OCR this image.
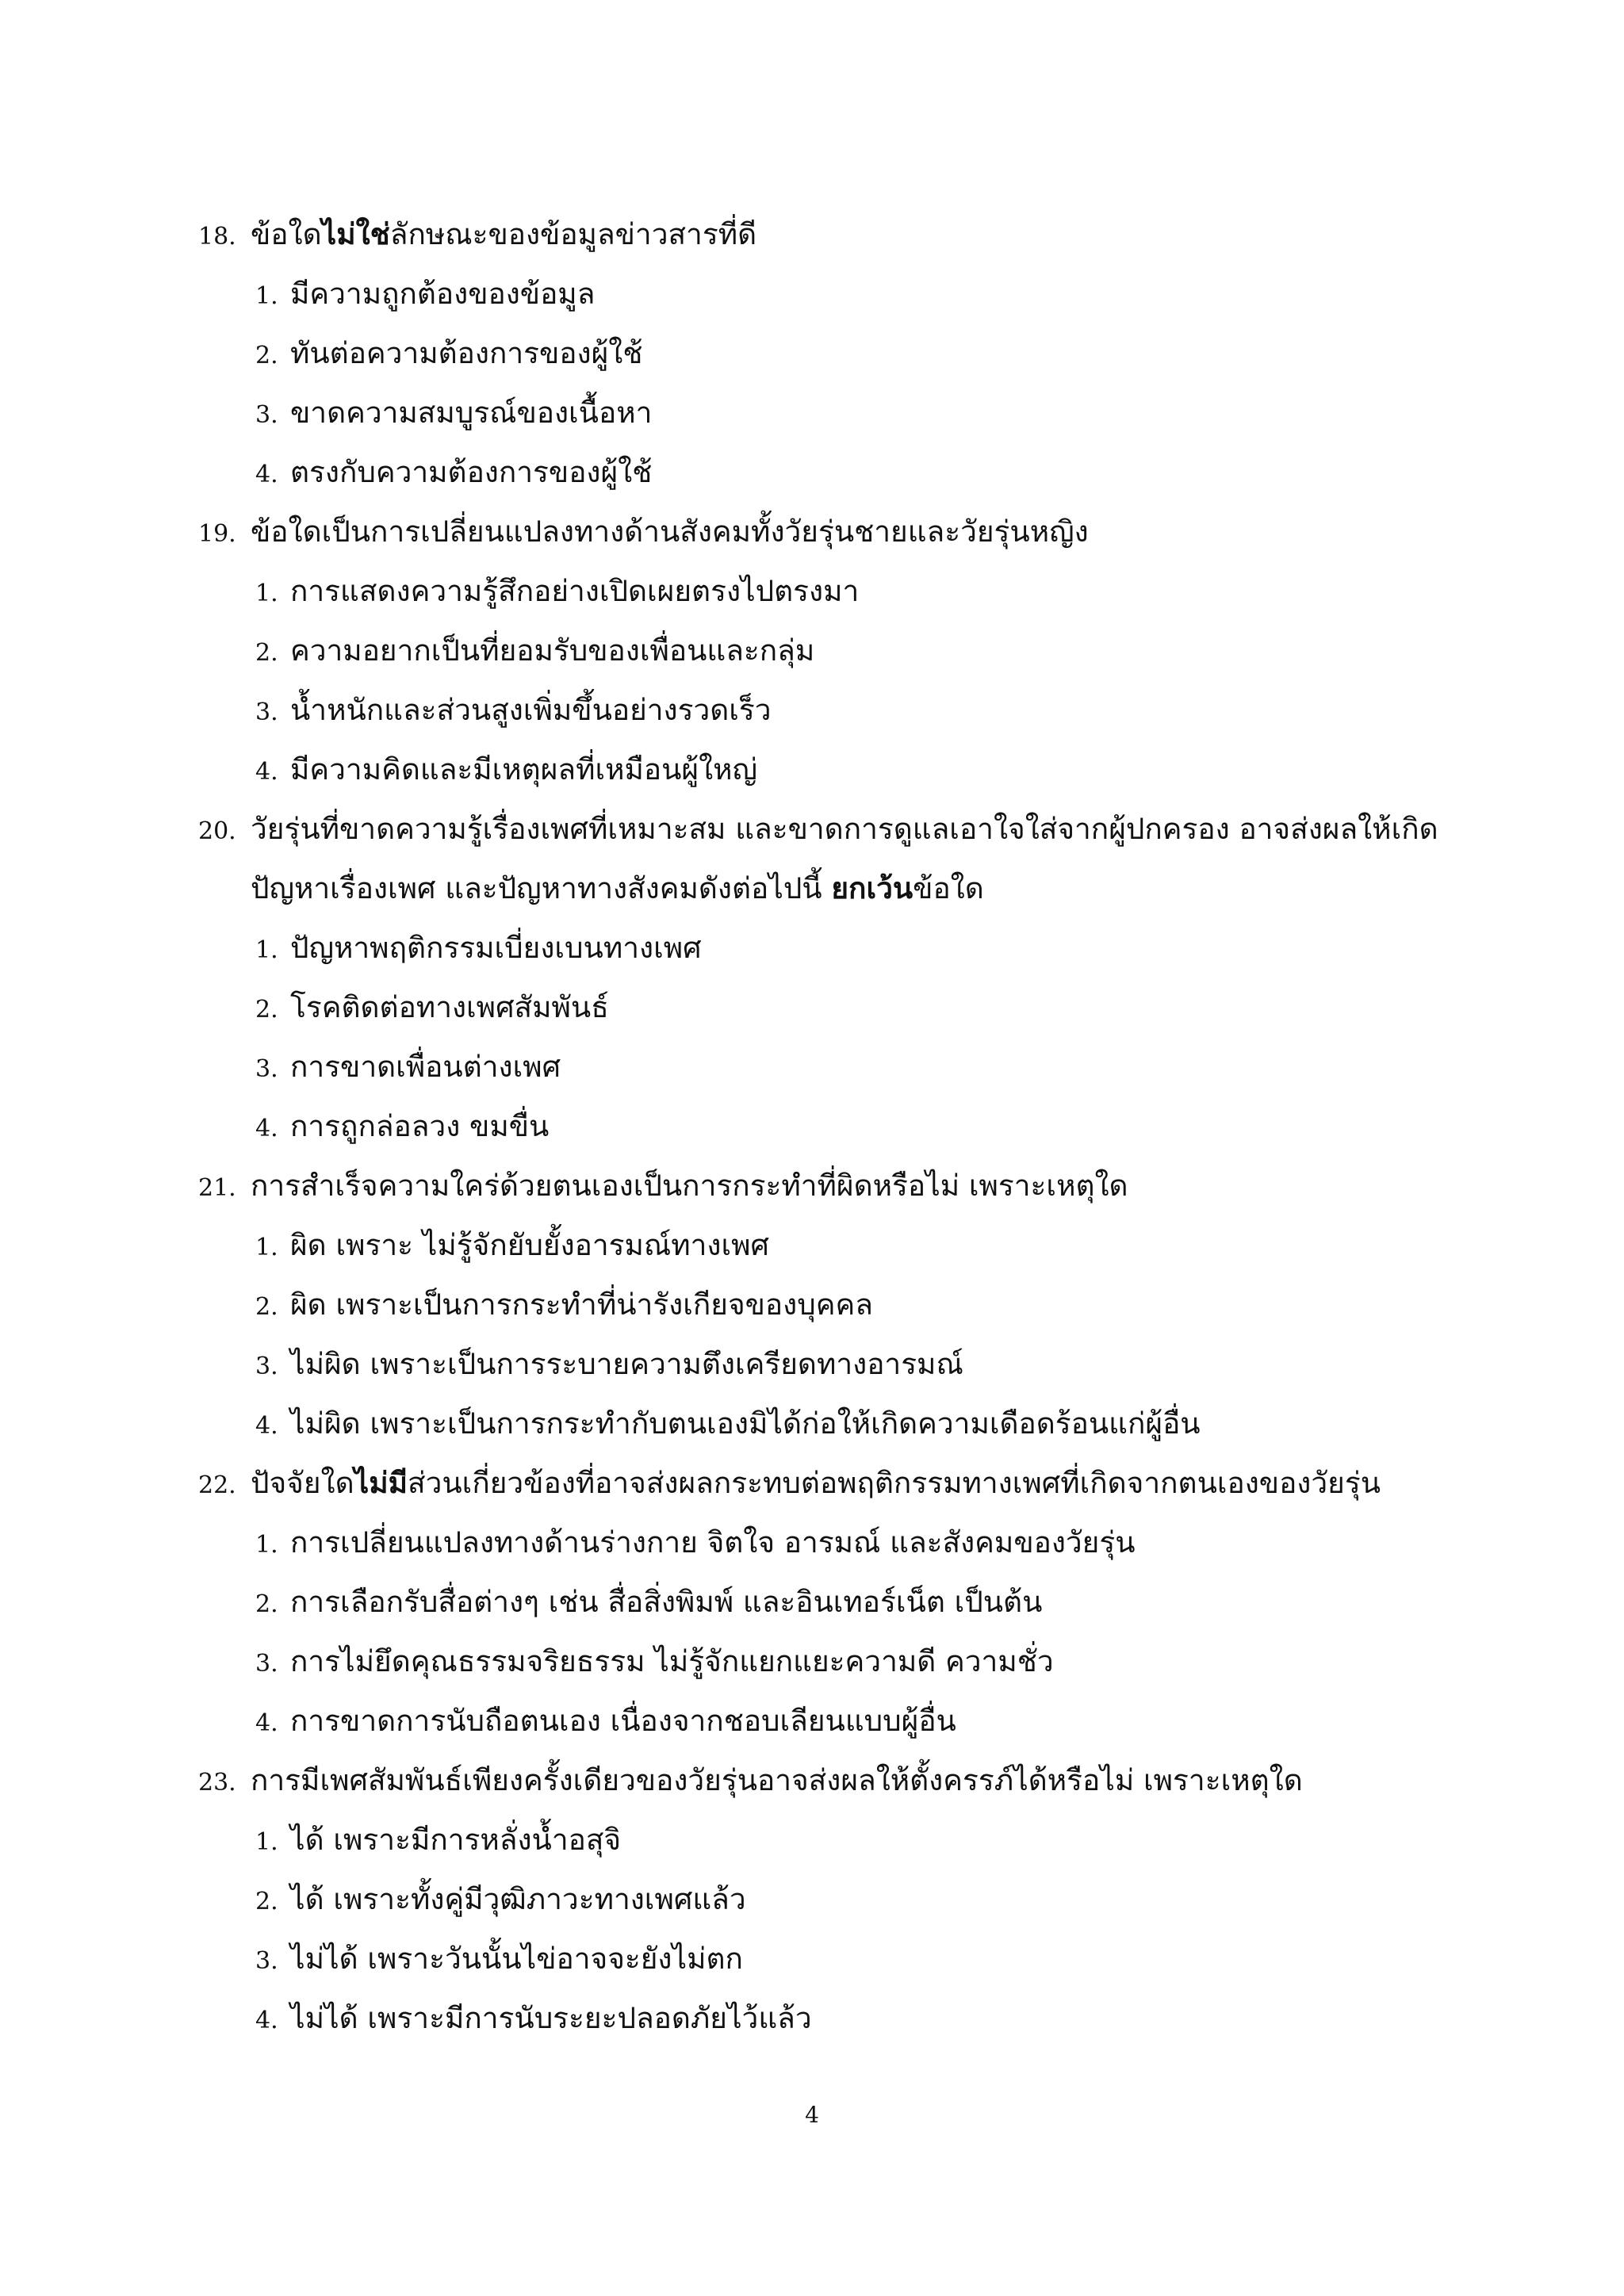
18. ข้อใดไม่ใช่ลักษณะของข้อมูลข่าวสารที่ดี
1. มีความถูกต้องของข้อมูล
2. ทันต่อความต้องการของผู้ใช้
3. ขาดความสมบูรณ์ของเนื้อหา
4. ตรงกับความต้องการของผู้ใช้
19. ข้อใดเป็นการเปลี่ยนแปลงทางด้านสังคมทั้งวัยรุ่นชายและวัยรุ่นหญิง
1. การแสดงความรู้สึกอย่างเปิดเผยตรงไปตรงมา
2. ความอยากเป็นที่ยอมรับของเพื่อนและกลุ่ม
3. น้ำหนักและส่วนสูงเพิ่มขึ้นอย่างรวดเร็ว
4. มีความคิดและมีเหตุผลที่เหมือนผู้ใหญ่
20. วัยรุ่นที่ขาดความรู้เรื่องเพศที่เหมาะสม และขาดการดูแลเอาใจใส่จากผู้ปกครอง อาจส่งผลให้เกิด
ปัญหาเรื่องเพศ และปัญหาทางสังคมดังต่อไปนี้ ยกเว้นข้อใด
1. ปัญหาพฤติกรรมเบี่ยงเบนทางเพศ
2. โรคติดต่อทางเพศสัมพันธ์
3. การขาดเพื่อนต่างเพศ
4. การถูกล่อลวง ขมขื่น
21. การสำเร็จความใคร่ด้วยตนเองเป็นการกระทำที่ผิดหรือไม่ เพราะเหตุใด
1. ผิด เพราะ ไม่รู้จักยับยั้งอารมณ์ทางเพศ
2. ผิด เพราะเป็นการกระทำที่น่ารังเกียจของบุคคล
3. ไม่ผิด เพราะเป็นการระบายความตึงเครียดทางอารมณ์
4. ไม่ผิด เพราะเป็นการกระทำกับตนเองมิได้ก่อให้เกิดความเดือดร้อนแก่ผู้อื่น
22. ปัจจัยใดไม่มีส่วนเกี่ยวข้องที่อาจส่งผลกระทบต่อพฤติกรรมทางเพศที่เกิดจากตนเองของวัยรุ่น
1. การเปลี่ยนแปลงทางด้านร่างกาย จิตใจ อารมณ์ และสังคมของวัยรุ่น
2. การเลือกรับสื่อต่างๆ เช่น สื่อสิ่งพิมพ์ และอินเทอร์เน็ต เป็นต้น
3. การไม่ยึดคุณธรรมจริยธรรม ไม่รู้จักแยกแยะความดี ความชั่ว
4. การขาดการนับถือตนเอง เนื่องจากชอบเลียนแบบผู้อื่น
23. การมีเพศสัมพันธ์เพียงครั้งเดียวของวัยรุ่นอาจส่งผลให้ตั้งครรภ์ได้หรือไม่ เพราะเหตุใด
1. ได้ เพราะมีการหลั่งน้ำอสุจิ
2. ได้ เพราะทั้งคู่มีวุฒิภาวะทางเพศแล้ว
3. ไม่ได้ เพราะวันนั้นไข่อาจจะยังไม่ตก
4. ไม่ได้ เพราะมีการนับระยะปลอดภัยไว้แล้ว
4
